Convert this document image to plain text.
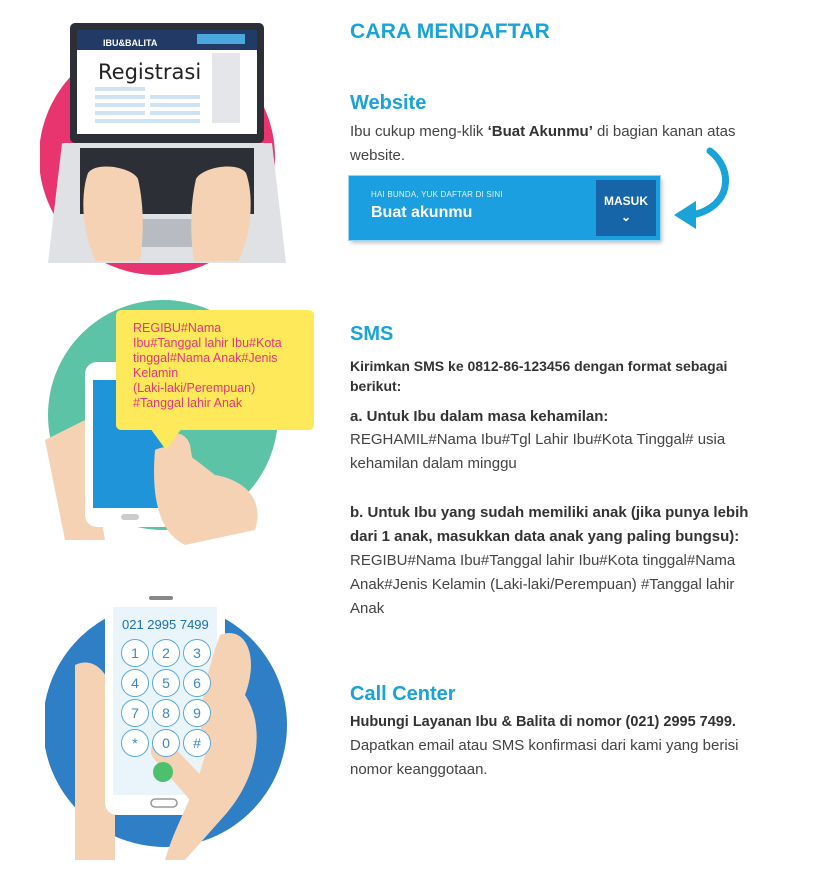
IBU&BALITA
Registrasi
CARA MENDAFTAR
Website
Ibu cukup meng-klik ‘Buat Akunmu’ di bagian kanan atas website.
HAI BUNDA, YUK DAFTAR DI SINI
Buat akunmu
MASUK
⌄
REGIBU#Nama
Ibu#Tanggal lahir Ibu#Kota
tinggal#Nama Anak#Jenis
Kelamin
(Laki-laki/Perempuan)
#Tanggal lahir Anak
SMS
Kirimkan SMS ke 0812-86-123456 dengan format sebagai berikut:
a. Untuk Ibu dalam masa kehamilan:
REGHAMIL#Nama Ibu#Tgl Lahir Ibu#Kota Tinggal# usia kehamilan dalam minggu
b. Untuk Ibu yang sudah memiliki anak (jika punya lebih dari 1 anak, masukkan data anak yang paling bungsu):
REGIBU#Nama Ibu#Tanggal lahir Ibu#Kota tinggal#Nama Anak#Jenis Kelamin (Laki-laki/Perempuan) #Tanggal lahir Anak
021 2995 7499
1	2	3
4	5	6
7	8	9
*	0	#
Call Center
Hubungi Layanan Ibu & Balita di nomor (021) 2995 7499.
Dapatkan email atau SMS konfirmasi dari kami yang berisi nomor keanggotaan.
